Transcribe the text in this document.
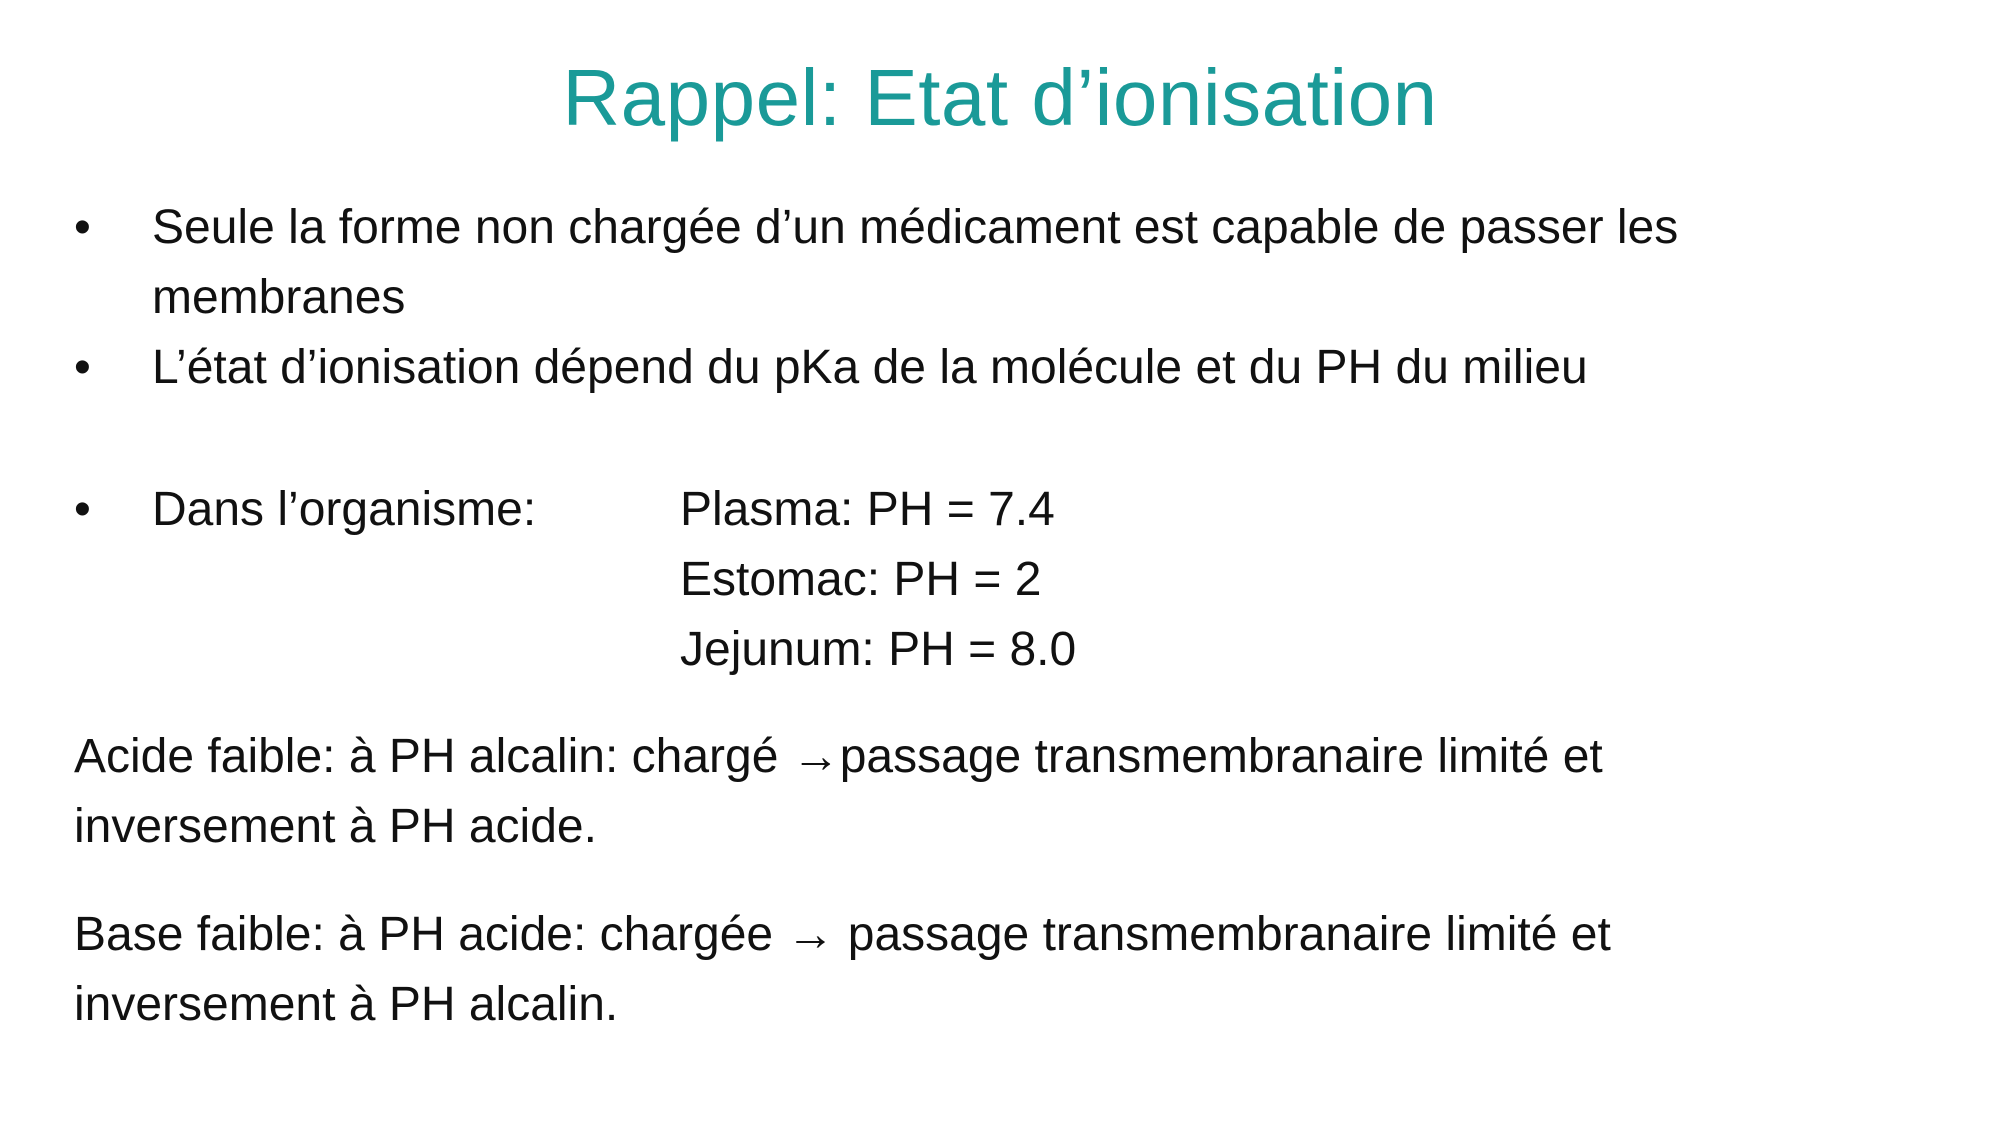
Rappel: Etat d’ionisation
•	Seule la forme non chargée d’un médicament est capable de passer les
membranes
•	L’état d’ionisation dépend du pKa de la molécule et du PH du milieu
•	Dans l’organisme:	Plasma: PH = 7.4
Estomac: PH = 2
Jejunum: PH = 8.0
Acide faible: à PH alcalin: chargé →passage transmembranaire limité et
inversement à PH acide.
Base faible: à PH acide: chargée → passage transmembranaire limité et
inversement à PH alcalin.
